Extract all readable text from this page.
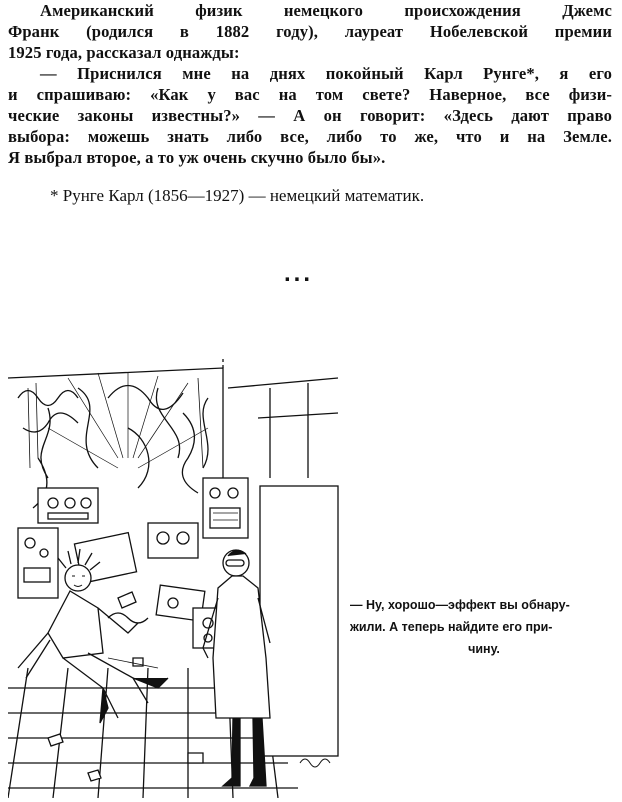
Американский физик немецкого происхождения Джемс
Франк (родился в 1882 году), лауреат Нобелевской премии
1925 года, рассказал однажды:
— Приснился мне на днях покойный Карл Рунге*, я его
и спрашиваю: «Как у вас на том свете? Наверное, все физи-
ческие законы известны?» — А он говорит: «Здесь дают право
выбора: можешь знать либо все, либо то же, что и на Земле.
Я выбрал второе, а то уж очень скучно было бы».

* Рунге Карл (1856—1927) — немецкий математик.

...

— Ну, хорошо—эффект вы обнару-
жили. А теперь найдите его при-
чину.
